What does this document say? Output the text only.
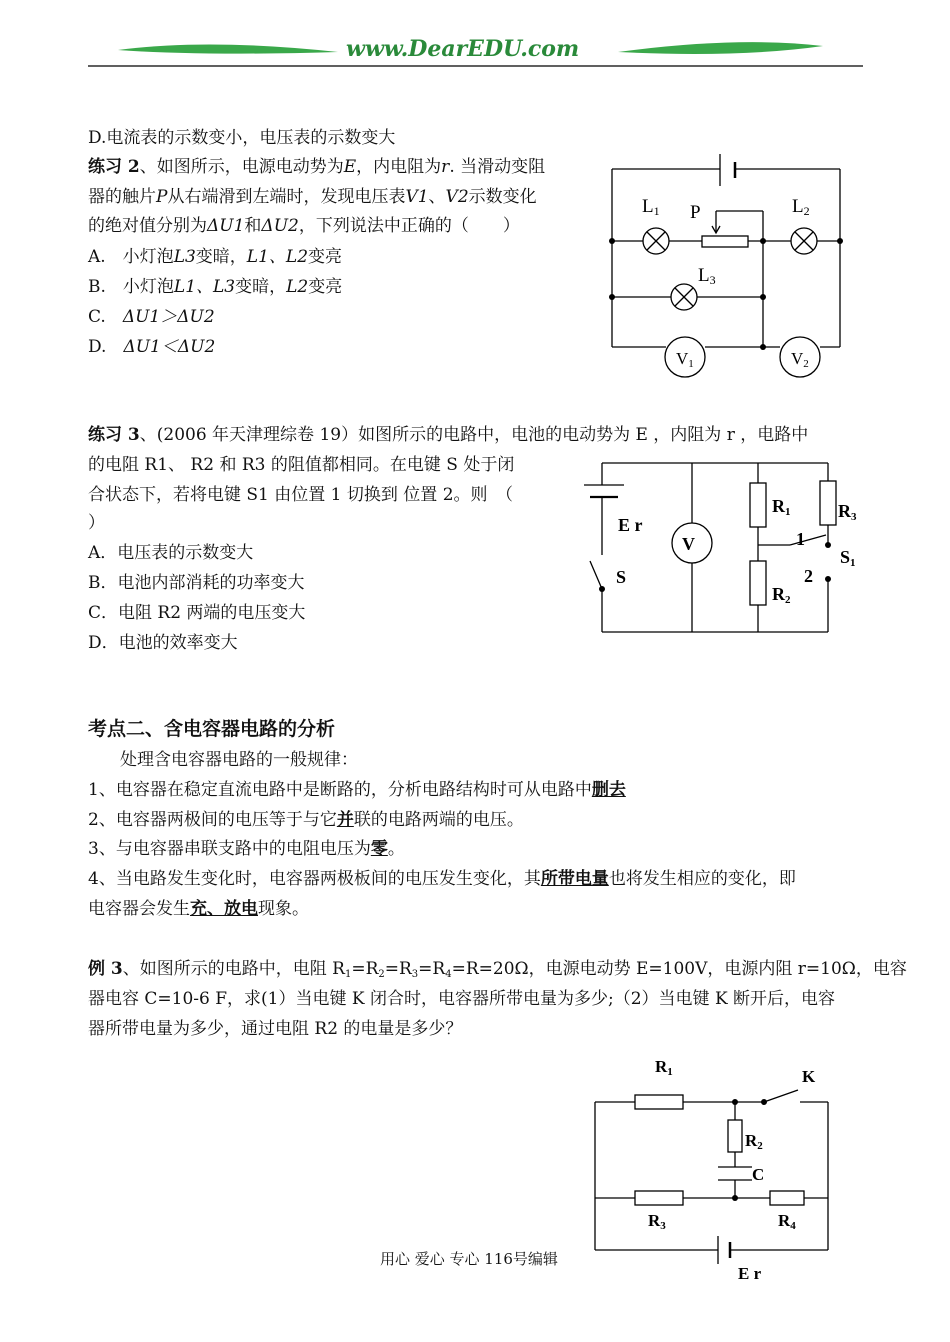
www.DearEDU.com
D.电流表的示数变小，电压表的示数变大
练习 2、如图所示，电源电动势为E，内电阻为r. 当滑动变阻
器的触片P从右端滑到左端时，发现电压表V1、V2示数变化
的绝对值分别为ΔU1和ΔU2，下列说法中正确的（　　）
A.　小灯泡L3变暗，L1、L2变亮
B.　小灯泡L1、L3变暗，L2变亮
C.　ΔU1＞ΔU2
D.　ΔU1＜ΔU2
L1 P	L2
L3
V1	V2
练习 3、(2006 年天津理综卷 19）如图所示的电路中，电池的电动势为 E ，内阻为 r ，电路中
的电阻 R1、 R2 和 R3 的阻值都相同。在电键 S 处于闭
合状态下，若将电键 S1 由位置 1 切换到 位置 2。则　（
）
A．电压表的示数变大
B．电池内部消耗的功率变大
C．电阻 R2 两端的电压变大
D．电池的效率变大
E r
S
V
R1
R2
R3
1
2
S1
考点二、含电容器电路的分析
处理含电容器电路的一般规律：
1、电容器在稳定直流电路中是断路的，分析电路结构时可从电路中删去
2、电容器两极间的电压等于与它并联的电路两端的电压。
3、与电容器串联支路中的电阻电压为零。
4、当电路发生变化时，电容器两极板间的电压发生变化，其所带电量也将发生相应的变化，即
电容器会发生充、放电现象。
例 3、如图所示的电路中，电阻 $R_1=R_2=R_3=R_4=R=20\Omega$，电源电动势 E=100V，电源内阻 r=10Ω，电容
器电容 C=10-6 F，求(1）当电键 K 闭合时，电容器所带电量为多少;（2）当电键 K 断开后，电容
器所带电量为多少，通过电阻 R2 的电量是多少？
R1	K
R2
C
R3	R4
E r
用心 爱心 专心 116号编辑
